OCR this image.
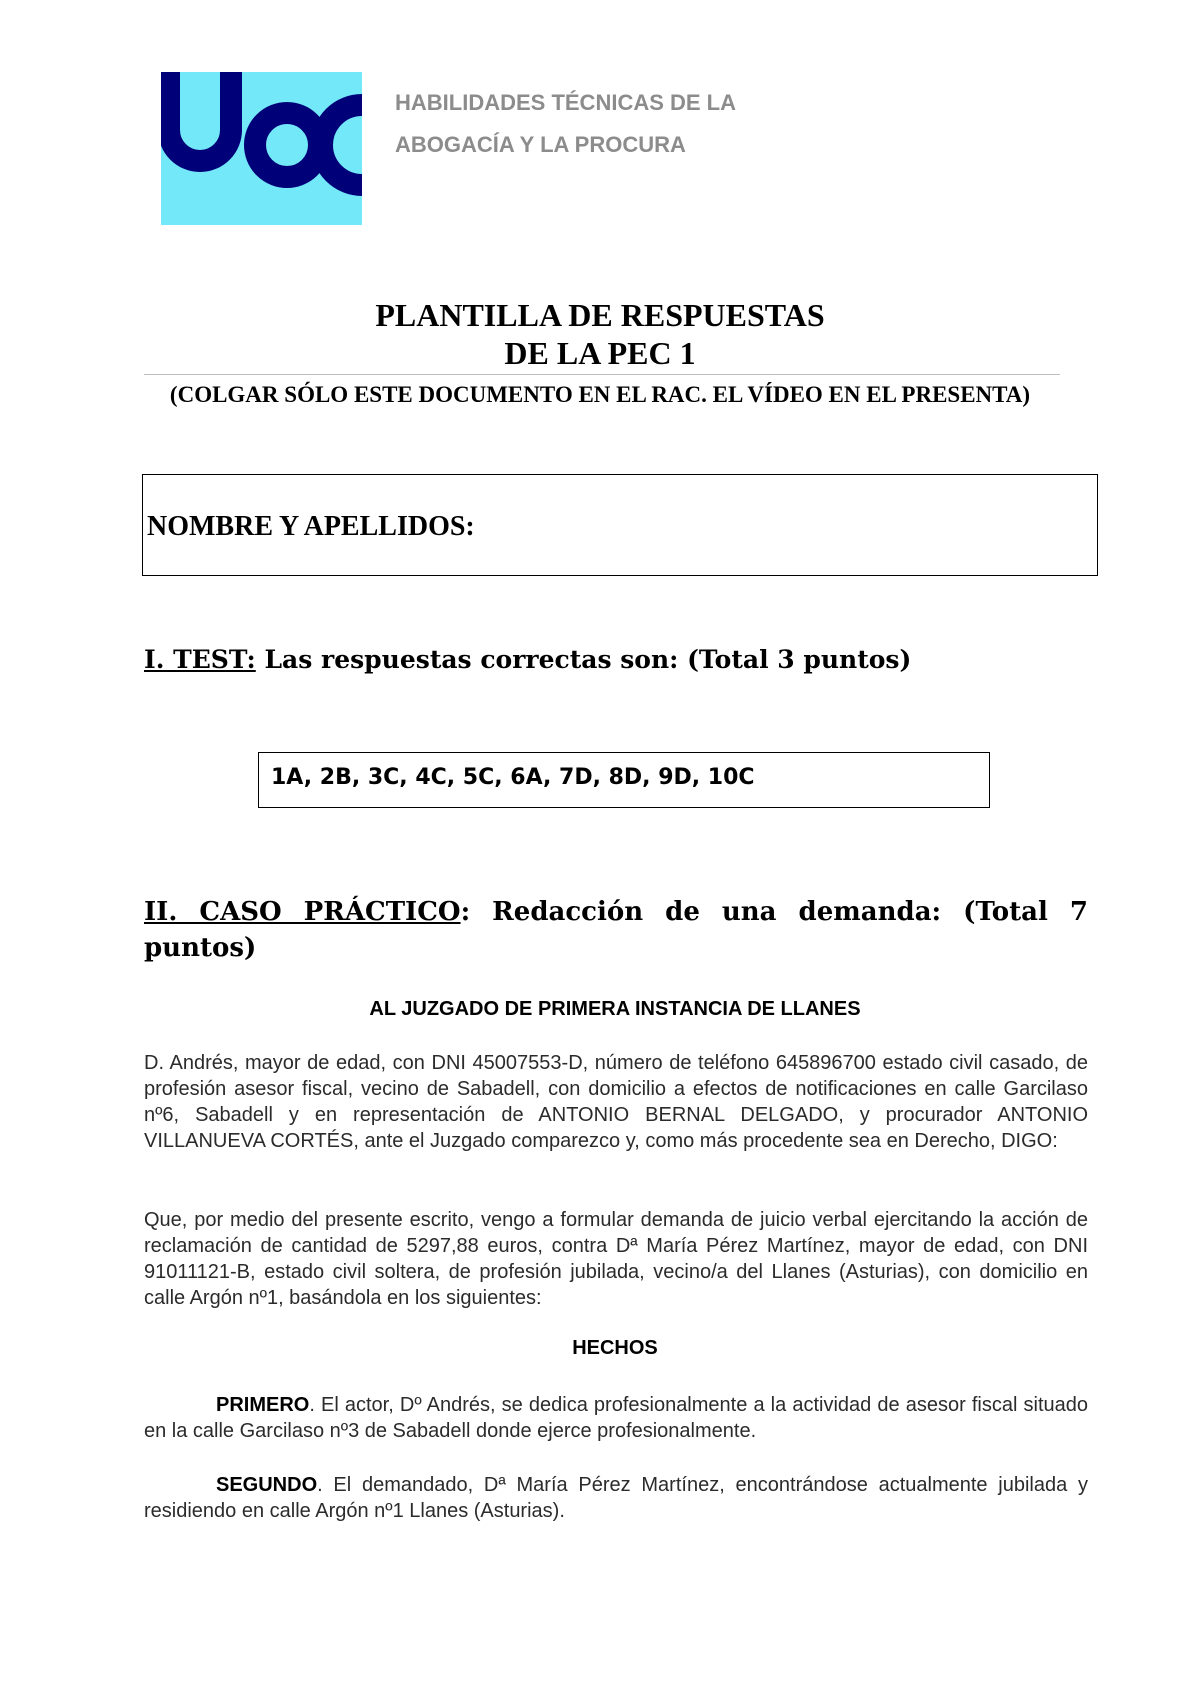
HABILIDADES TÉCNICAS DE LA
ABOGACÍA Y LA PROCURA
PLANTILLA DE RESPUESTAS
DE LA PEC 1
(COLGAR SÓLO ESTE DOCUMENTO EN EL RAC. EL VÍDEO EN EL PRESENTA)
NOMBRE Y APELLIDOS:
I. TEST: Las respuestas correctas son: (Total 3 puntos)
1A, 2B, 3C, 4C, 5C, 6A, 7D, 8D, 9D, 10C
II. CASO PRÁCTICO: Redacción de una demanda: (Total 7 puntos)
AL JUZGADO DE PRIMERA INSTANCIA DE LLANES
D. Andrés, mayor de edad, con DNI 45007553-D, número de teléfono 645896700 estado civil casado, de profesión asesor fiscal, vecino de Sabadell, con domicilio a efectos de notificaciones en calle Garcilaso nº6, Sabadell y en representación de ANTONIO BERNAL DELGADO, y procurador ANTONIO VILLANUEVA CORTÉS, ante el Juzgado comparezco y, como más procedente sea en Derecho, DIGO:
Que, por medio del presente escrito, vengo a formular demanda de juicio verbal ejercitando la acción de reclamación de cantidad de 5297,88 euros, contra Dª María Pérez Martínez, mayor de edad, con DNI 91011121-B, estado civil soltera, de profesión jubilada, vecino/a del Llanes (Asturias), con domicilio en calle Argón nº1, basándola en los siguientes:
HECHOS
PRIMERO. El actor, Dº Andrés, se dedica profesionalmente a la actividad de asesor fiscal situado en la calle Garcilaso nº3 de Sabadell donde ejerce profesionalmente.
SEGUNDO. El demandado, Dª María Pérez Martínez, encontrándose actualmente jubilada y residiendo en calle Argón nº1 Llanes (Asturias).
